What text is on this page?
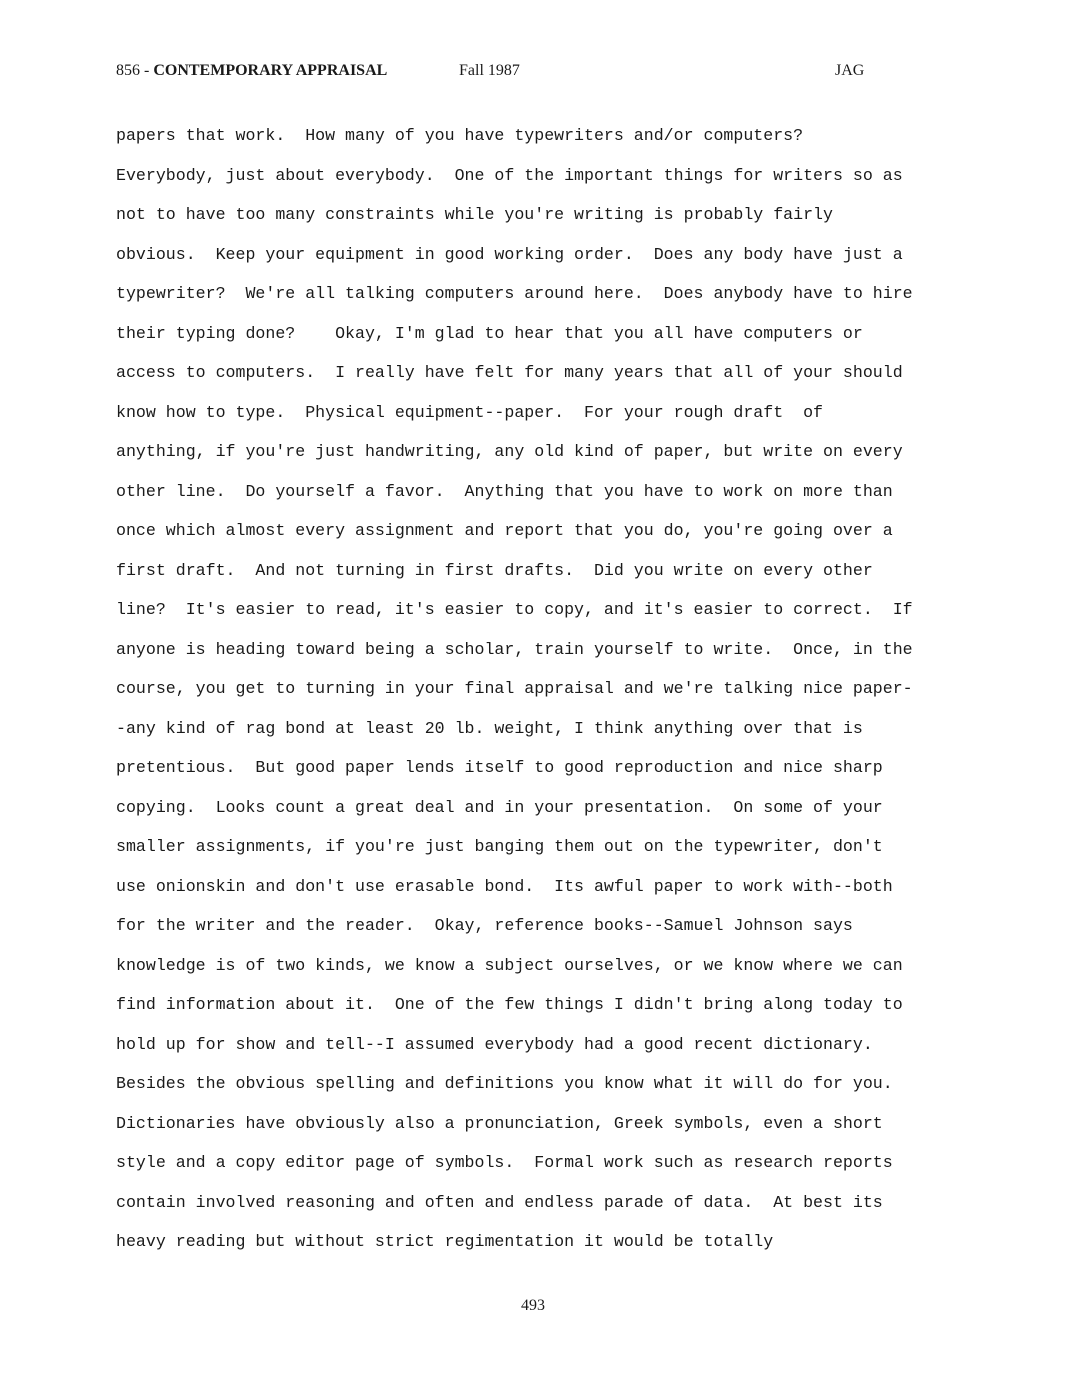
856 - CONTEMPORARY APPRAISAL	Fall 1987	JAG
papers that work.  How many of you have typewriters and/or computers?
Everybody, just about everybody.  One of the important things for writers so as
not to have too many constraints while you're writing is probably fairly
obvious.  Keep your equipment in good working order.  Does any body have just a
typewriter?  We're all talking computers around here.  Does anybody have to hire
their typing done?    Okay, I'm glad to hear that you all have computers or
access to computers.  I really have felt for many years that all of your should
know how to type.  Physical equipment--paper.  For your rough draft  of
anything, if you're just handwriting, any old kind of paper, but write on every
other line.  Do yourself a favor.  Anything that you have to work on more than
once which almost every assignment and report that you do, you're going over a
first draft.  And not turning in first drafts.  Did you write on every other
line?  It's easier to read, it's easier to copy, and it's easier to correct.  If
anyone is heading toward being a scholar, train yourself to write.  Once, in the
course, you get to turning in your final appraisal and we're talking nice paper-
-any kind of rag bond at least 20 lb. weight, I think anything over that is
pretentious.  But good paper lends itself to good reproduction and nice sharp
copying.  Looks count a great deal and in your presentation.  On some of your
smaller assignments, if you're just banging them out on the typewriter, don't
use onionskin and don't use erasable bond.  Its awful paper to work with--both
for the writer and the reader.  Okay, reference books--Samuel Johnson says
knowledge is of two kinds, we know a subject ourselves, or we know where we can
find information about it.  One of the few things I didn't bring along today to
hold up for show and tell--I assumed everybody had a good recent dictionary.
Besides the obvious spelling and definitions you know what it will do for you.
Dictionaries have obviously also a pronunciation, Greek symbols, even a short
style and a copy editor page of symbols.  Formal work such as research reports
contain involved reasoning and often and endless parade of data.  At best its
heavy reading but without strict regimentation it would be totally
493
